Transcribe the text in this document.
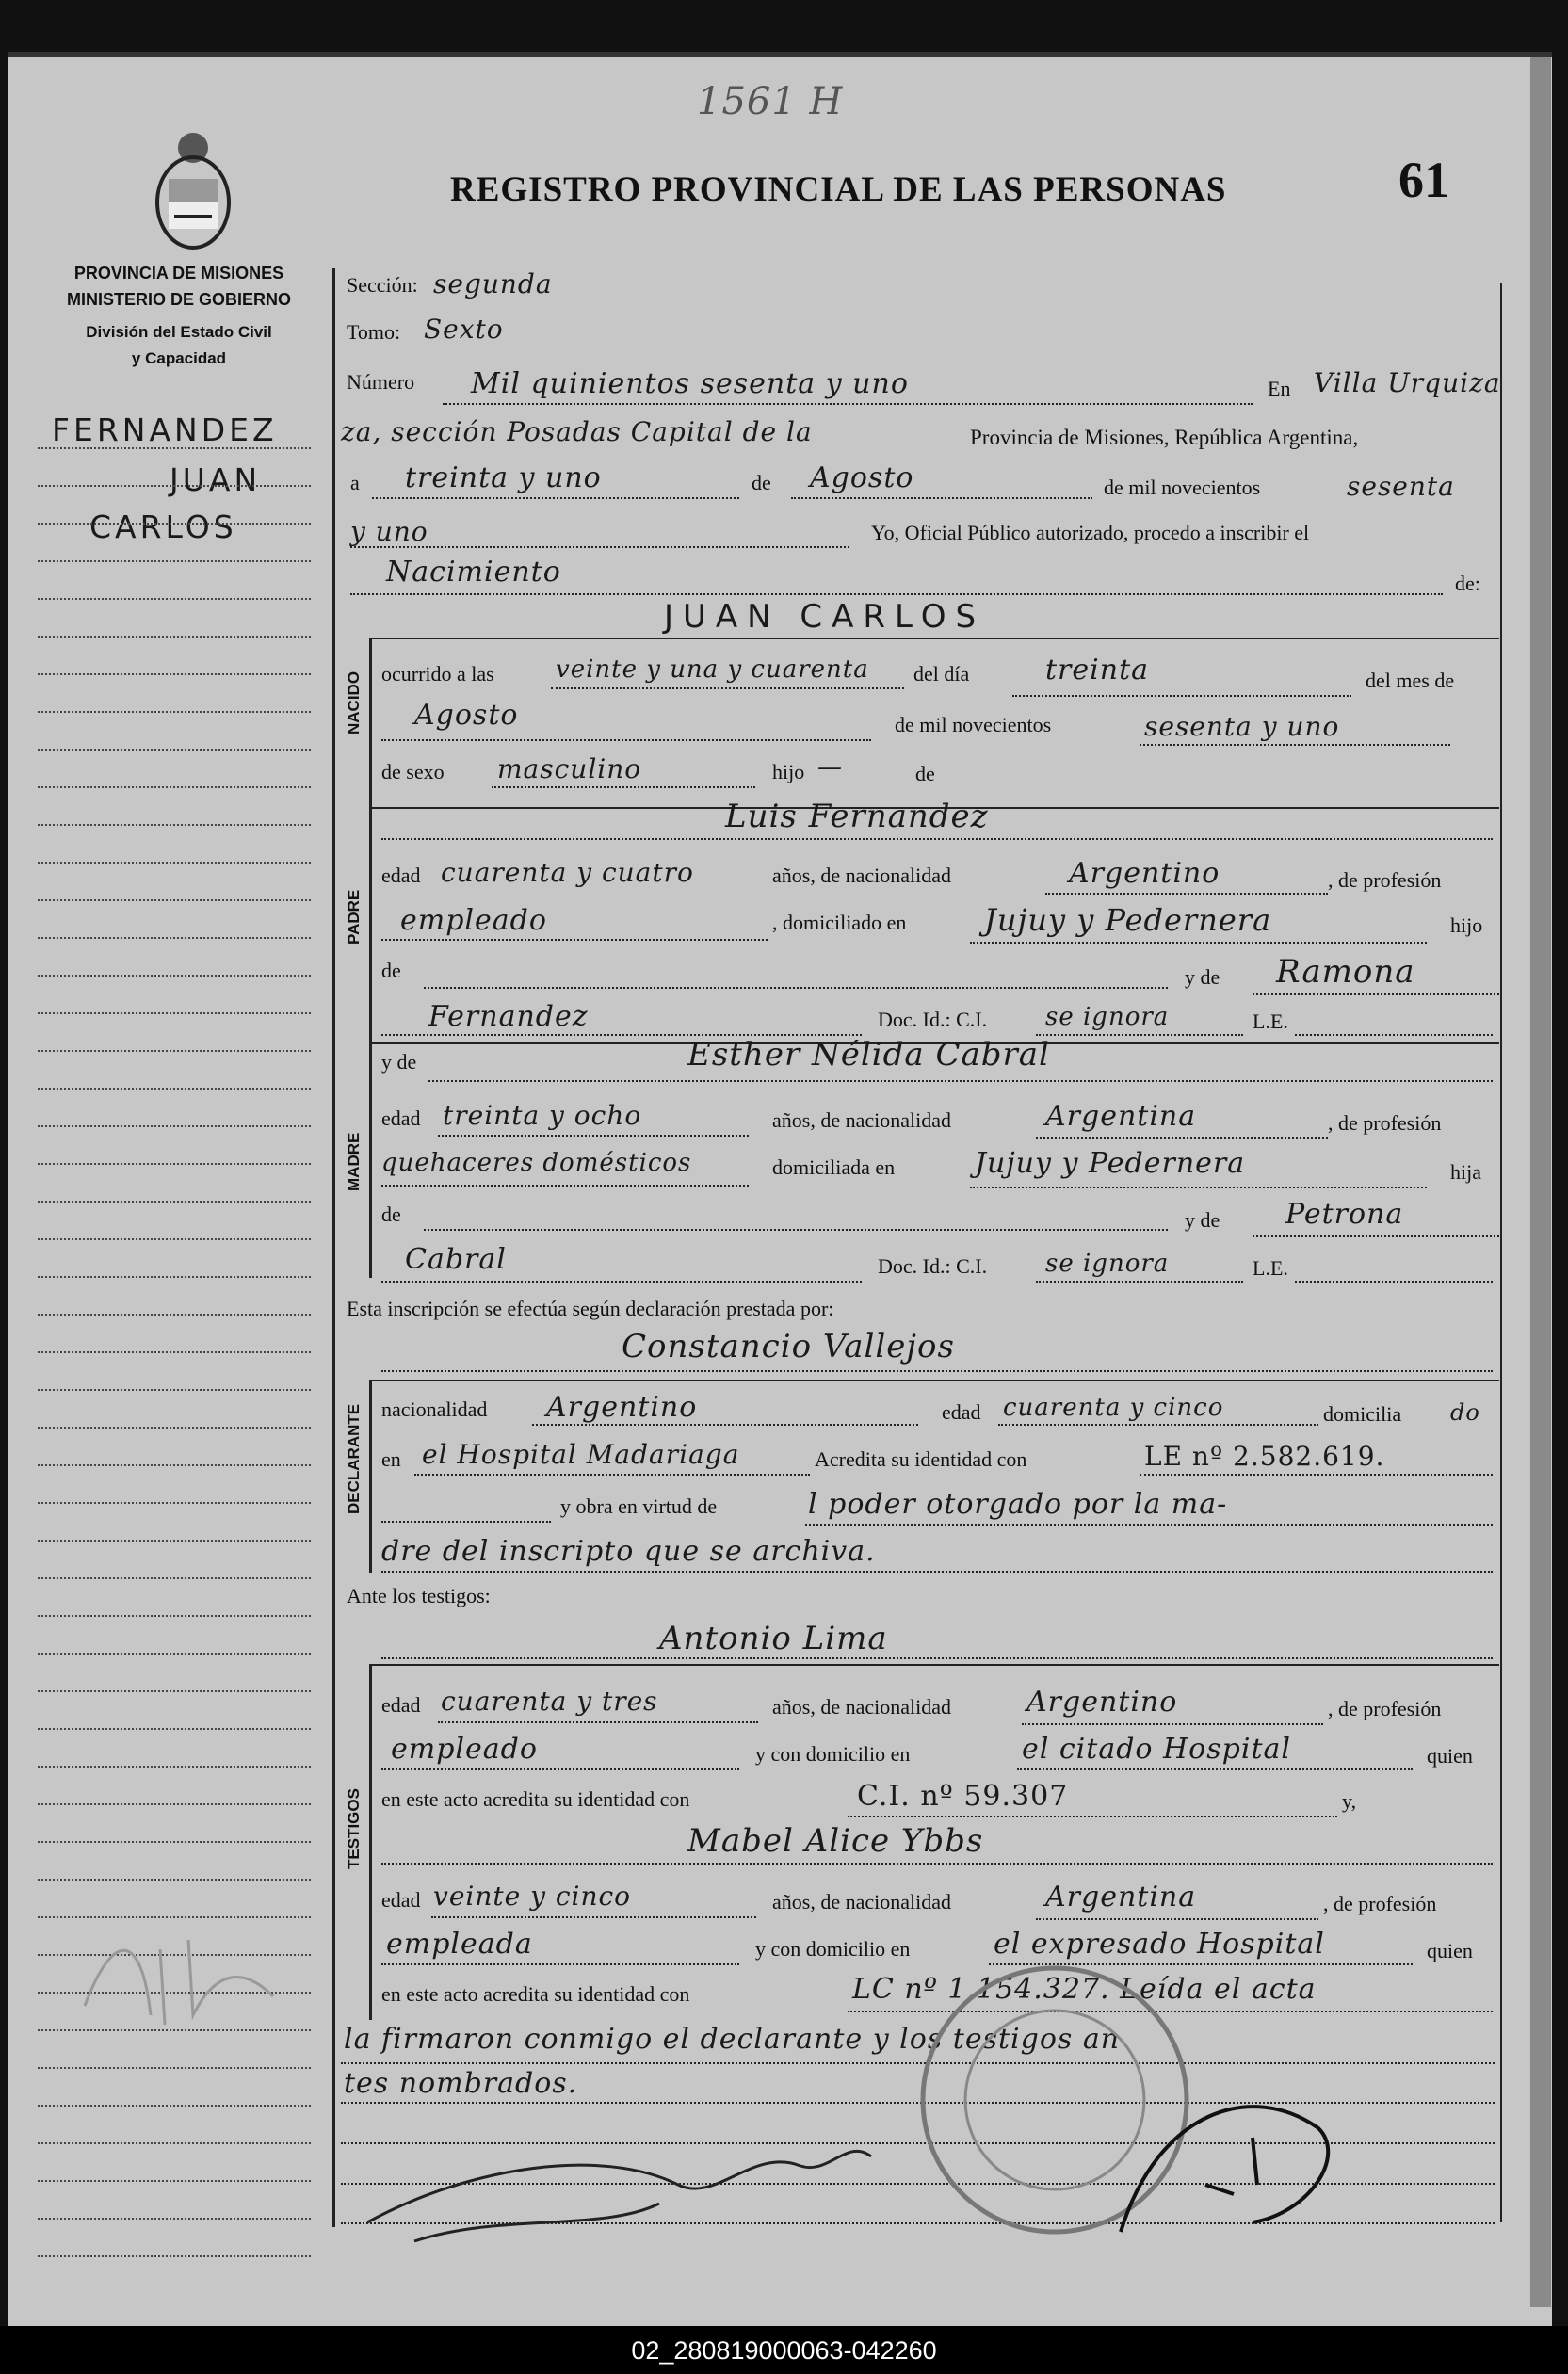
1561 H
REGISTRO PROVINCIAL DE LAS PERSONAS	61
PROVINCIA DE MISIONES
MINISTERIO DE GOBIERNO
División del Estado Civil
y Capacidad
FERNANDEZ
JUAN
CARLOS
Sección: segunda
Tomo: Sexto
Número Mil quinientos sesenta y uno	En Villa Urquiza
za, sección Posadas Capital de la	Provincia de Misiones, República Argentina,
a treinta y uno	de Agosto	de mil novecientos	sesenta
y uno	Yo, Oficial Público autorizado, procedo a inscribir el
Nacimiento	de:
NACIDO
JUAN CARLOS
ocurrido a las	veinte y una y cuarenta del día	treinta	del mes de
Agosto	de mil novecientos	sesenta y uno
de sexo masculino	hijo —	de
PADRE
Luis Fernandez
edad cuarenta y cuatro	años, de nacionalidad	Argentino	, de profesión
empleado	, domiciliado en	Jujuy y Pedernera	hijo
de	y de Ramona
Fernandez	Doc. Id.: C.I. se ignora	L.E.
MADRE
y de	Esther Nélida Cabral
edad treinta y ocho	años, de nacionalidad	Argentina	, de profesión
quehaceres domésticos	domiciliada en	Jujuy y Pedernera	hija
de	y de Petrona
Cabral	Doc. Id.: C.I. se ignora	L.E.
Esta inscripción se efectúa según declaración prestada por:
DECLARANTE
Constancio Vallejos
nacionalidad Argentino	edad cuarenta y cinco	domicilia do
en el Hospital Madariaga	Acredita su identidad con	LE nº 2.582.619.
y obra en virtud de	l poder otorgado por la ma-
dre del inscripto que se archiva.
Ante los testigos:
TESTIGOS
Antonio Lima
edad cuarenta y tres	años, de nacionalidad	Argentino	, de profesión
empleado	y con domicilio en	el citado Hospital	quien
en este acto acredita su identidad con	C.I. nº 59.307	y,
Mabel Alice Ybbs
edad veinte y cinco	años, de nacionalidad	Argentina	, de profesión
empleada	y con domicilio en	el expresado Hospital	quien
en este acto acredita su identidad con	LC nº 1.154.327. Leída el acta
la firmaron conmigo el declarante y los testigos an
tes nombrados.
02_280819000063-042260
